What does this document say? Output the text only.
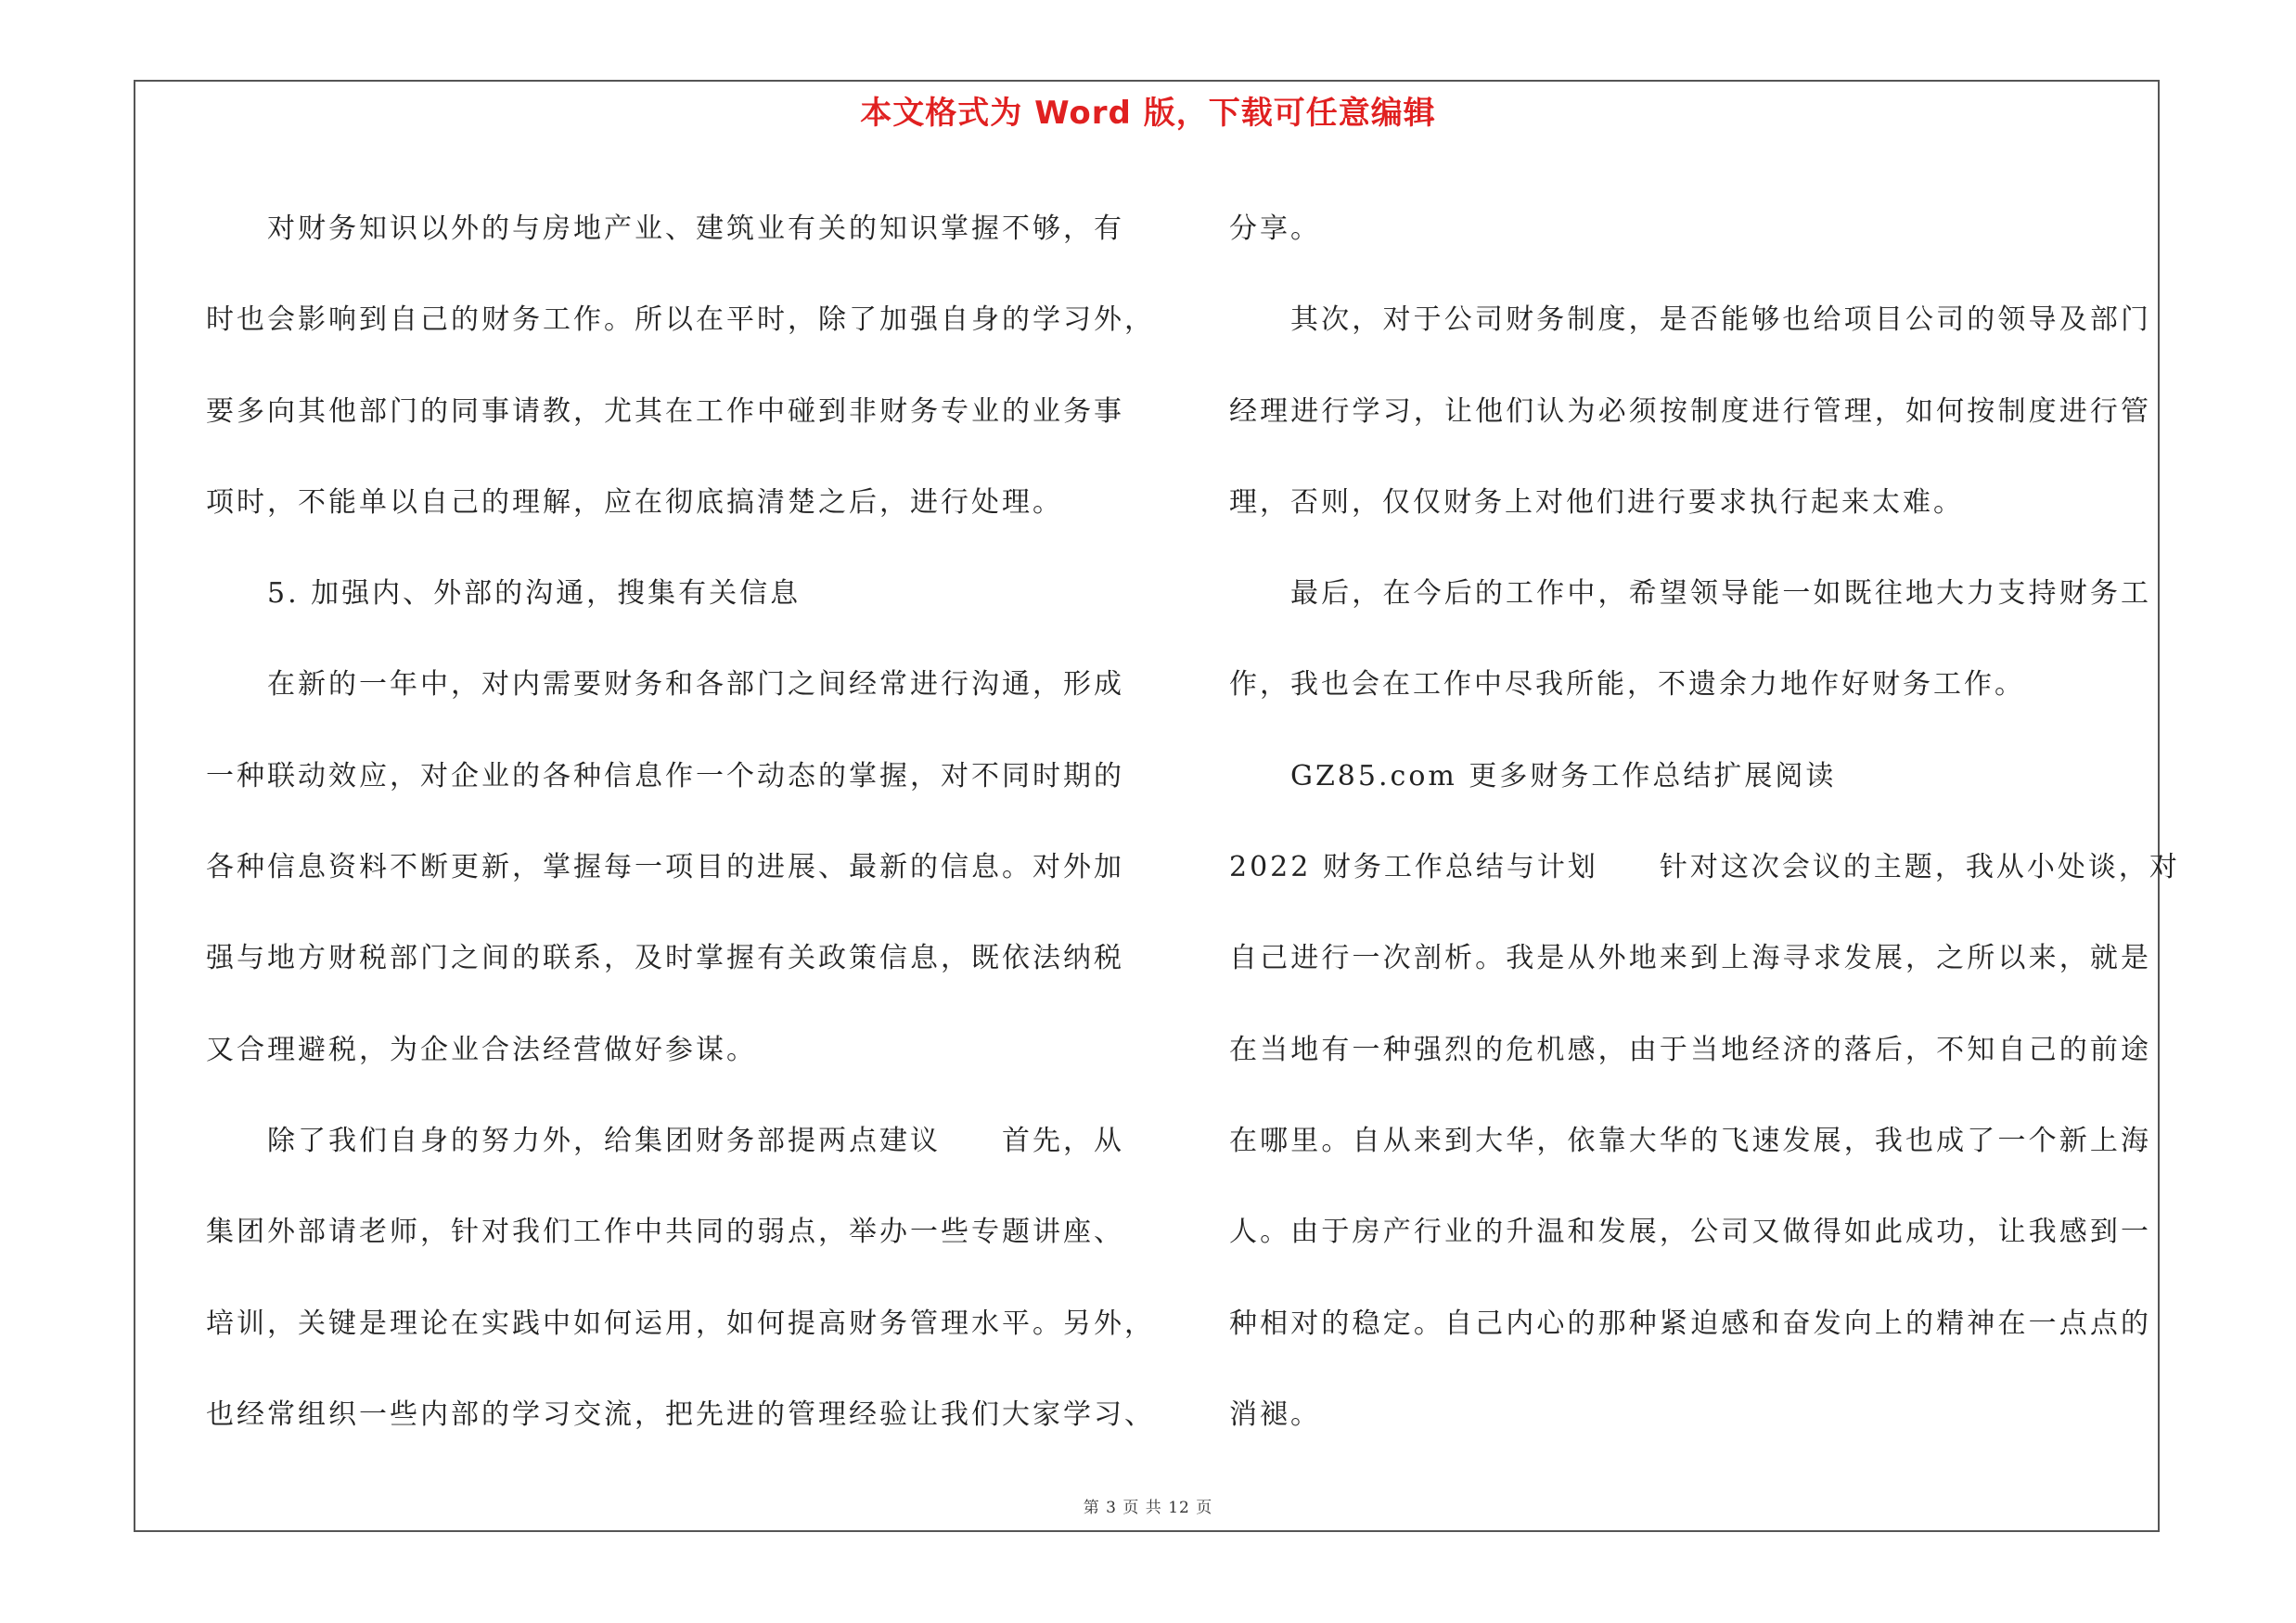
本文格式为 Word 版，下载可任意编辑
对财务知识以外的与房地产业、建筑业有关的知识掌握不够，有
时也会影响到自己的财务工作。所以在平时，除了加强自身的学习外，
要多向其他部门的同事请教，尤其在工作中碰到非财务专业的业务事
项时，不能单以自己的理解，应在彻底搞清楚之后，进行处理。
5. 加强内、外部的沟通，搜集有关信息
在新的一年中，对内需要财务和各部门之间经常进行沟通，形成
一种联动效应，对企业的各种信息作一个动态的掌握，对不同时期的
各种信息资料不断更新，掌握每一项目的进展、最新的信息。对外加
强与地方财税部门之间的联系，及时掌握有关政策信息，既依法纳税
又合理避税，为企业合法经营做好参谋。
除了我们自身的努力外，给集团财务部提两点建议　　首先，从
集团外部请老师，针对我们工作中共同的弱点，举办一些专题讲座、
培训，关键是理论在实践中如何运用，如何提高财务管理水平。另外，
也经常组织一些内部的学习交流，把先进的管理经验让我们大家学习、
分享。
其次，对于公司财务制度，是否能够也给项目公司的领导及部门
经理进行学习，让他们认为必须按制度进行管理，如何按制度进行管
理，否则，仅仅财务上对他们进行要求执行起来太难。
最后，在今后的工作中，希望领导能一如既往地大力支持财务工
作，我也会在工作中尽我所能，不遗余力地作好财务工作。
GZ85.com 更多财务工作总结扩展阅读
2022 财务工作总结与计划　　针对这次会议的主题，我从小处谈，对
自己进行一次剖析。我是从外地来到上海寻求发展，之所以来，就是
在当地有一种强烈的危机感，由于当地经济的落后，不知自己的前途
在哪里。自从来到大华，依靠大华的飞速发展，我也成了一个新上海
人。由于房产行业的升温和发展，公司又做得如此成功，让我感到一
种相对的稳定。自己内心的那种紧迫感和奋发向上的精神在一点点的
消褪。
第 3 页 共 12 页
